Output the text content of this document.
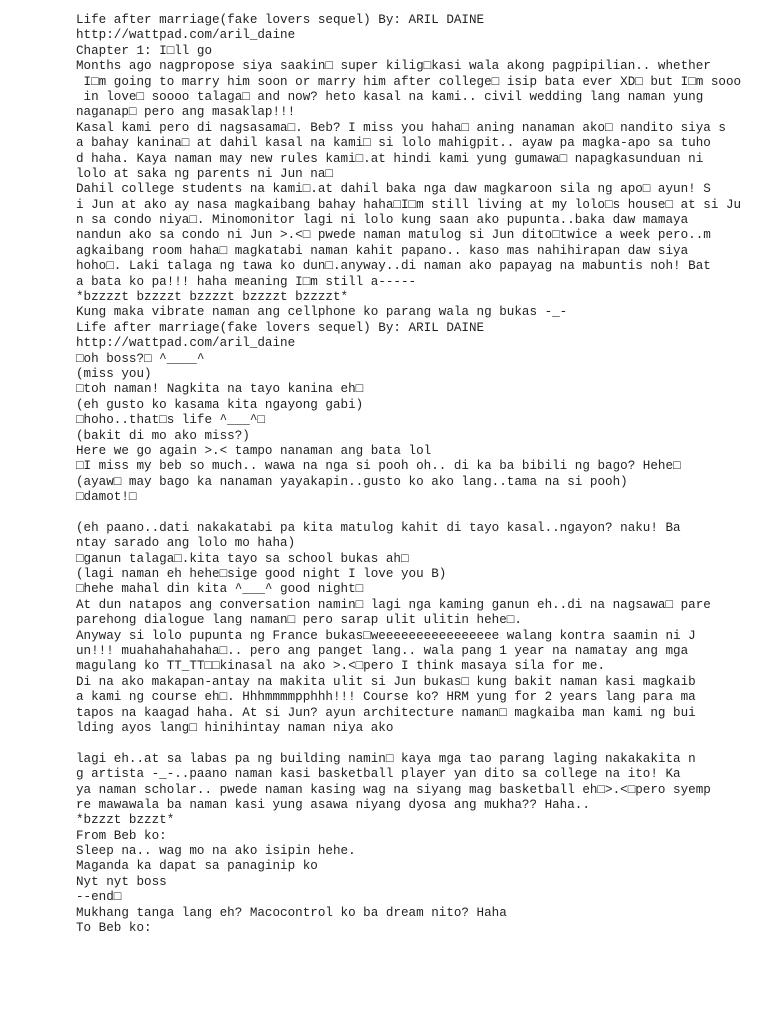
Life after marriage(fake lovers sequel) By: ARIL DAINE
http://wattpad.com/aril_daine
Chapter 1: I□ll go
Months ago nagpropose siya saakin□ super kilig□kasi wala akong pagpipilian.. whether
I□m going to marry him soon or marry him after college□ isip bata ever XD□ but I□m sooo
in love□ soooo talaga□ and now? heto kasal na kami.. civil wedding lang naman yung
naganap□ pero ang masaklap!!!
Kasal kami pero di nagsasama□. Beb? I miss you haha□ aning nanaman ako□ nandito siya s
a bahay kanina□ at dahil kasal na kami□ si lolo mahigpit.. ayaw pa magka-apo sa tuho
d haha. Kaya naman may new rules kami□.at hindi kami yung gumawa□ napagkasunduan ni
lolo at saka ng parents ni Jun na□
Dahil college students na kami□.at dahil baka nga daw magkaroon sila ng apo□ ayun! S
i Jun at ako ay nasa magkaibang bahay haha□I□m still living at my lolo□s house□ at si Ju
n sa condo niya□. Minomonitor lagi ni lolo kung saan ako pupunta..baka daw mamaya
nandun ako sa condo ni Jun >.<□ pwede naman matulog si Jun dito□twice a week pero..m
agkaibang room haha□ magkatabi naman kahit papano.. kaso mas nahihirapan daw siya
hoho□. Laki talaga ng tawa ko dun□.anyway..di naman ako papayag na mabuntis noh! Bat
a bata ko pa!!! haha meaning I□m still a-----
*bzzzzt bzzzzt bzzzzt bzzzzt bzzzzt*
Kung maka vibrate naman ang cellphone ko parang wala ng bukas -_-
Life after marriage(fake lovers sequel) By: ARIL DAINE
http://wattpad.com/aril_daine
□oh boss?□ ^____^
(miss you)
□toh naman! Nagkita na tayo kanina eh□
(eh gusto ko kasama kita ngayong gabi)
□hoho..that□s life ^___^□
(bakit di mo ako miss?)
Here we go again >.< tampo nanaman ang bata lol
□I miss my beb so much.. wawa na nga si pooh oh.. di ka ba bibili ng bago? Hehe□
(ayaw□ may bago ka nanaman yayakapin..gusto ko ako lang..tama na si pooh)
□damot!□
(eh paano..dati nakakatabi pa kita matulog kahit di tayo kasal..ngayon? naku! Ba
ntay sarado ang lolo mo haha)
□ganun talaga□.kita tayo sa school bukas ah□
(lagi naman eh hehe□sige good night I love you B)
□hehe mahal din kita ^___^ good night□
At dun natapos ang conversation namin□ lagi nga kaming ganun eh..di na nagsawa□ pare
parehong dialogue lang naman□ pero sarap ulit ulitin hehe□.
Anyway si lolo pupunta ng France bukas□weeeeeeeeeeeeeeee walang kontra saamin ni J
un!!! muahahahahaha□.. pero ang panget lang.. wala pang 1 year na namatay ang mga
magulang ko TT_TT□□kinasal na ako >.<□pero I think masaya sila for me.
Di na ako makapan-antay na makita ulit si Jun bukas□ kung bakit naman kasi magkaib
a kami ng course eh□. Hhhmmmmpphhh!!! Course ko? HRM yung for 2 years lang para ma
tapos na kaagad haha. At si Jun? ayun architecture naman□ magkaiba man kami ng bui
lding ayos lang□ hinihintay naman niya ako
lagi eh..at sa labas pa ng building namin□ kaya mga tao parang laging nakakakita n
g artista -_-..paano naman kasi basketball player yan dito sa college na ito! Ka
ya naman scholar.. pwede naman kasing wag na siyang mag basketball eh□>.<□pero syemp
re mawawala ba naman kasi yung asawa niyang dyosa ang mukha?? Haha..
*bzzzt bzzzt*
From Beb ko:
Sleep na.. wag mo na ako isipin hehe.
Maganda ka dapat sa panaginip ko
Nyt nyt boss
--end□
Mukhang tanga lang eh? Macocontrol ko ba dream nito? Haha
To Beb ko:
